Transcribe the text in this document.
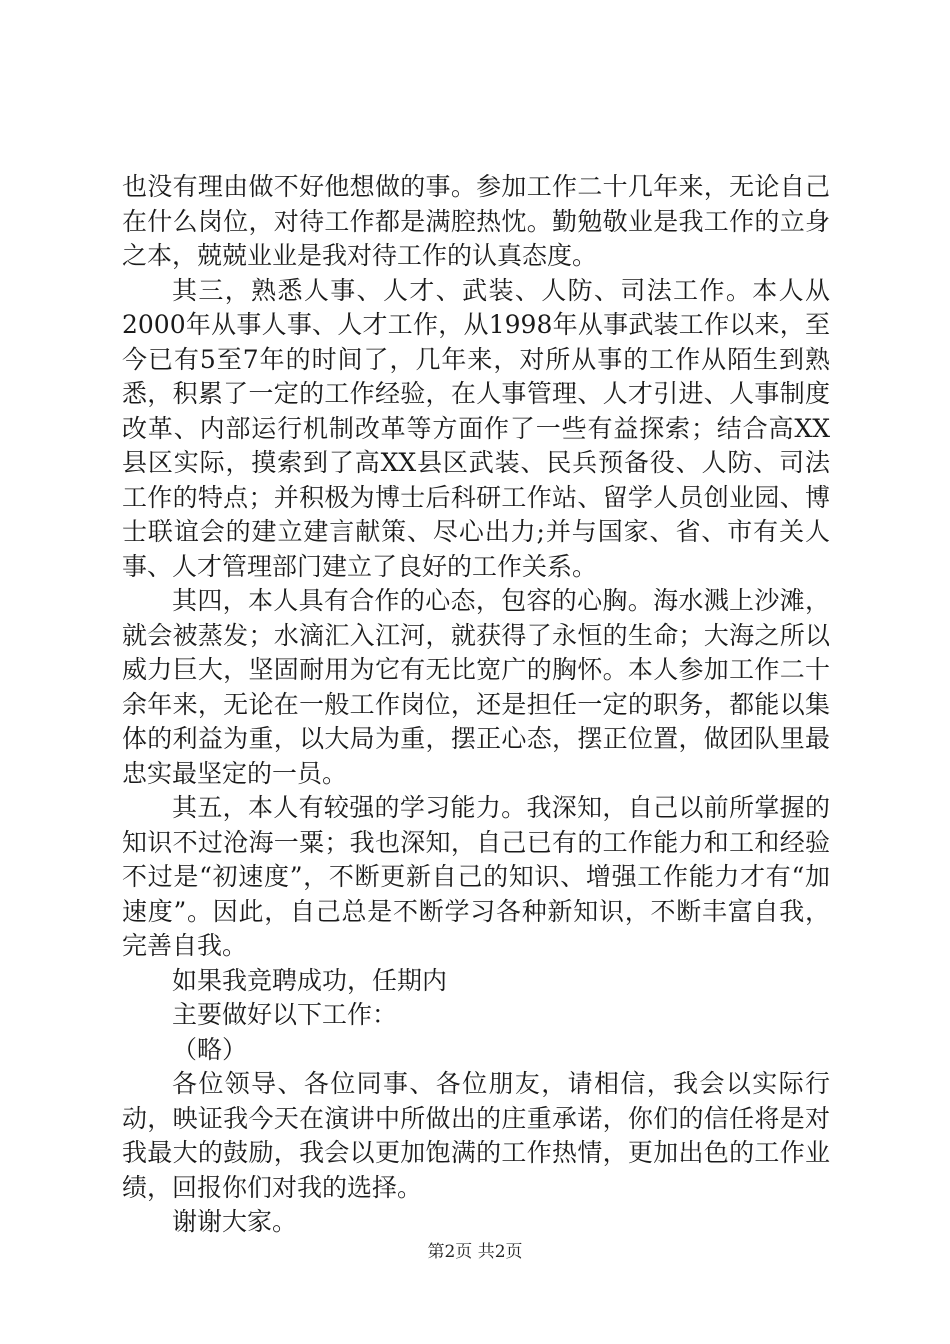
也没有理由做不好他想做的事。参加工作二十几年来，无论自己在什么岗位，对待工作都是满腔热忱。勤勉敬业是我工作的立身之本，兢兢业业是我对待工作的认真态度。

其三，熟悉人事、人才、武装、人防、司法工作。本人从2000年从事人事、人才工作，从1998年从事武装工作以来，至今已有5至7年的时间了，几年来，对所从事的工作从陌生到熟悉，积累了一定的工作经验，在人事管理、人才引进、人事制度改革、内部运行机制改革等方面作了一些有益探索；结合高XX县区实际，摸索到了高XX县区武装、民兵预备役、人防、司法工作的特点；并积极为博士后科研工作站、留学人员创业园、博士联谊会的建立建言献策、尽心出力;并与国家、省、市有关人事、人才管理部门建立了良好的工作关系。

其四，本人具有合作的心态，包容的心胸。海水溅上沙滩，就会被蒸发；水滴汇入江河，就获得了永恒的生命；大海之所以威力巨大，坚固耐用为它有无比宽广的胸怀。本人参加工作二十余年来，无论在一般工作岗位，还是担任一定的职务，都能以集体的利益为重，以大局为重，摆正心态，摆正位置，做团队里最忠实最坚定的一员。

其五，本人有较强的学习能力。我深知，自己以前所掌握的知识不过沧海一粟；我也深知，自己已有的工作能力和工和经验不过是“初速度”，不断更新自己的知识、增强工作能力才有“加速度”。因此，自己总是不断学习各种新知识，不断丰富自我，完善自我。

如果我竞聘成功，任期内

主要做好以下工作：

（略）

各位领导、各位同事、各位朋友，请相信，我会以实际行动，映证我今天在演讲中所做出的庄重承诺，你们的信任将是对我最大的鼓励，我会以更加饱满的工作热情，更加出色的工作业绩，回报你们对我的选择。

谢谢大家。

第2页 共2页
